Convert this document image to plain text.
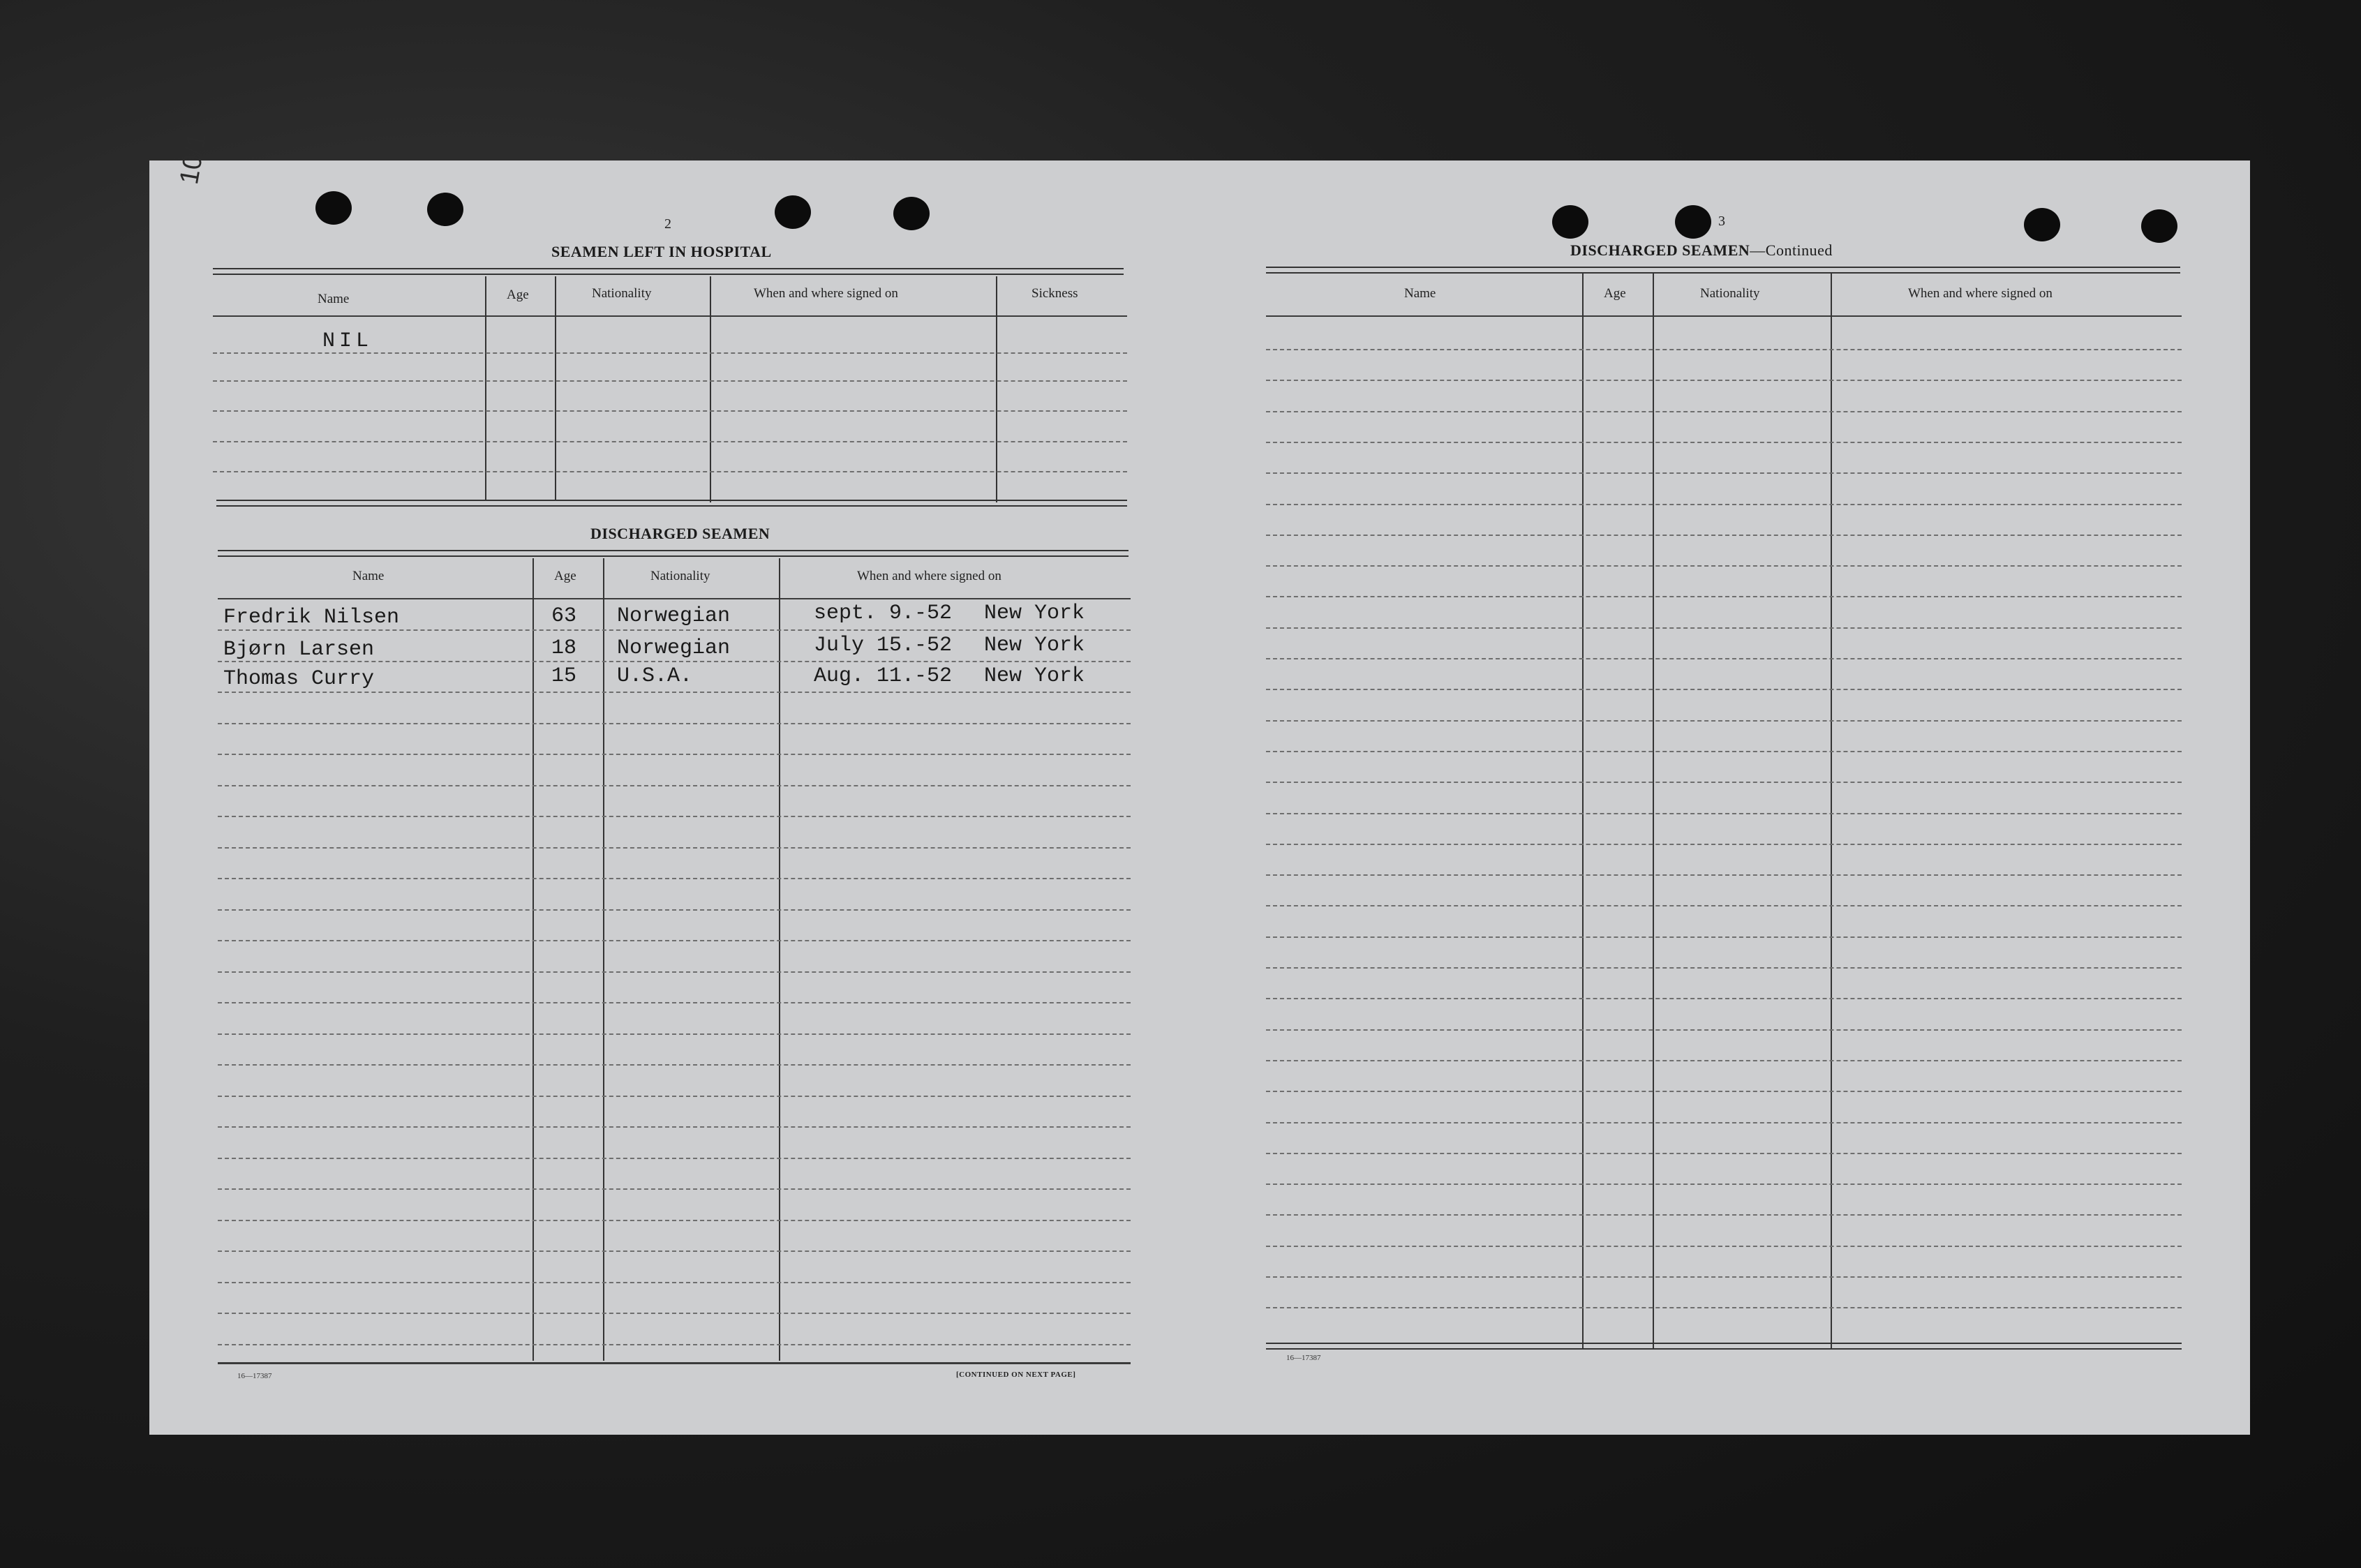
10/1
2
SEAMEN LEFT IN HOSPITAL
Name	Age	Nationality	When and where signed on	Sickness
NIL
DISCHARGED SEAMEN
Name	Age	Nationality	When and where signed on
Fredrik Nilsen	63 Norwegian	sept. 9.-52 New York
Bjørn Larsen	18 Norwegian	July 15.-52 New York
Thomas Curry	15 U.S.A.	Aug. 11.-52 New York
16—17387	[CONTINUED ON NEXT PAGE]
3
DISCHARGED SEAMEN—Continued
Name	Age	Nationality	When and where signed on
16—17387
